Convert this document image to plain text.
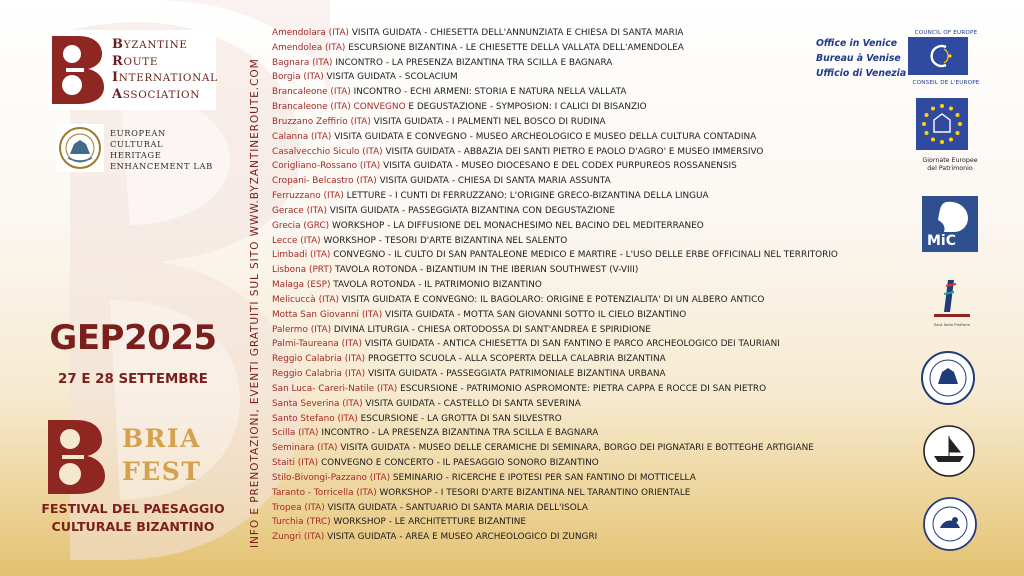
BYZANTINE
ROUTE
INTERNATIONAL
ASSOCIATION
EUROPEAN
CULTURAL
HERITAGE
ENHANCEMENT LAB
GEP2025
27 E 28 SETTEMBRE
BRIA
FEST
FESTIVAL DEL PAESAGGIO
CULTURALE BIZANTINO	INFO E PRENOTAZIONI, EVENTI GRATUITI SUL SITO WWW.BYZANTINEROUTE.COM
Amendolara (ITA) VISITA GUIDATA - CHIESETTA DELL'ANNUNZIATA E CHIESA DI SANTA MARIA
Amendolea (ITA) ESCURSIONE BIZANTINA - LE CHIESETTE DELLA VALLATA DELL'AMENDOLEA
Bagnara (ITA) INCONTRO - LA PRESENZA BIZANTINA TRA SCILLA E BAGNARA
Borgia (ITA) VISITA GUIDATA - SCOLACIUM
Brancaleone (ITA) INCONTRO - ECHI ARMENI: STORIA E NATURA NELLA VALLATA
Brancaleone (ITA) CONVEGNO E DEGUSTAZIONE - SYMPOSION: I CALICI DI BISANZIO
Bruzzano Zeffirio (ITA) VISITA GUIDATA - I PALMENTI NEL BOSCO DI RUDINA
Calanna (ITA) VISITA GUIDATA E CONVEGNO - MUSEO ARCHEOLOGICO E MUSEO DELLA CULTURA CONTADINA
Casalvecchio Siculo (ITA) VISITA GUIDATA - ABBAZIA DEI SANTI PIETRO E PAOLO D'AGRO' E MUSEO IMMERSIVO
Corigliano-Rossano (ITA) VISITA GUIDATA - MUSEO DIOCESANO E DEL CODEX PURPUREOS ROSSANENSIS
Cropani- Belcastro (ITA) VISITA GUIDATA - CHIESA DI SANTA MARIA ASSUNTA
Ferruzzano (ITA) LETTURE - I CUNTI DI FERRUZZANO: L'ORIGINE GRECO-BIZANTINA DELLA LINGUA
Gerace (ITA) VISITA GUIDATA - PASSEGGIATA BIZANTINA CON DEGUSTAZIONE
Grecia (GRC) WORKSHOP - LA DIFFUSIONE DEL MONACHESIMO NEL BACINO DEL MEDITERRANEO
Lecce (ITA) WORKSHOP - TESORI D'ARTE BIZANTINA NEL SALENTO
Limbadi (ITA) CONVEGNO - IL CULTO DI SAN PANTALEONE MEDICO E MARTIRE - L'USO DELLE ERBE OFFICINALI NEL TERRITORIO
Lisbona (PRT) TAVOLA ROTONDA - BIZANTIUM IN THE IBERIAN SOUTHWEST (V-VIII)
Malaga (ESP) TAVOLA ROTONDA - IL PATRIMONIO BIZANTINO
Melicuccà (ITA) VISITA GUIDATA E CONVEGNO: IL BAGOLARO: ORIGINE E POTENZIALITA' DI UN ALBERO ANTICO
Motta San Giovanni (ITA) VISITA GUIDATA - MOTTA SAN GIOVANNI SOTTO IL CIELO BIZANTINO
Palermo (ITA) DIVINA LITURGIA - CHIESA ORTODOSSA DI SANT'ANDREA E SPIRIDIONE
Palmi-Taureana (ITA) VISITA GUIDATA - ANTICA CHIESETTA DI SAN FANTINO E PARCO ARCHEOLOGICO DEI TAURIANI
Reggio Calabria (ITA) PROGETTO SCUOLA - ALLA SCOPERTA DELLA CALABRIA BIZANTINA
Reggio Calabria (ITA) VISITA GUIDATA - PASSEGGIATA PATRIMONIALE BIZANTINA URBANA
San Luca- Careri-Natile (ITA) ESCURSIONE - PATRIMONIO ASPROMONTE: PIETRA CAPPA E ROCCE DI SAN PIETRO
Santa Severina (ITA) VISITA GUIDATA - CASTELLO DI SANTA SEVERINA
Santo Stefano (ITA) ESCURSIONE - LA GROTTA DI SAN SILVESTRO
Scilla (ITA) INCONTRO - LA PRESENZA BIZANTINA TRA SCILLA E BAGNARA
Seminara (ITA) VISITA GUIDATA - MUSEO DELLE CERAMICHE DI SEMINARA, BORGO DEI PIGNATARI E BOTTEGHE ARTIGIANE
Staiti (ITA) CONVEGNO E CONCERTO - IL PAESAGGIO SONORO BIZANTINO
Stilo-Bivongi-Pazzano (ITA) SEMINARIO - RICERCHE E IPOTESI PER SAN FANTINO DI MOTTICELLA
Taranto - Torricella (ITA) WORKSHOP - I TESORI D'ARTE BIZANTINA NEL TARANTINO ORIENTALE
Tropea (ITA) VISITA GUIDATA - SANTUARIO DI SANTA MARIA DELL'ISOLA
Turchia (TRC) WORKSHOP - LE ARCHITETTURE BIZANTINE
Zungri (ITA) VISITA GUIDATA - AREA E MUSEO ARCHEOLOGICO DI ZUNGRI
Office in Venice
Bureau à Venise
Ufficio di Venezia
COUNCIL OF EUROPE
CONSEIL DE L'EUROPE
Giornate Europee
del Patrimonio
MiC
Sant Italia Platform
